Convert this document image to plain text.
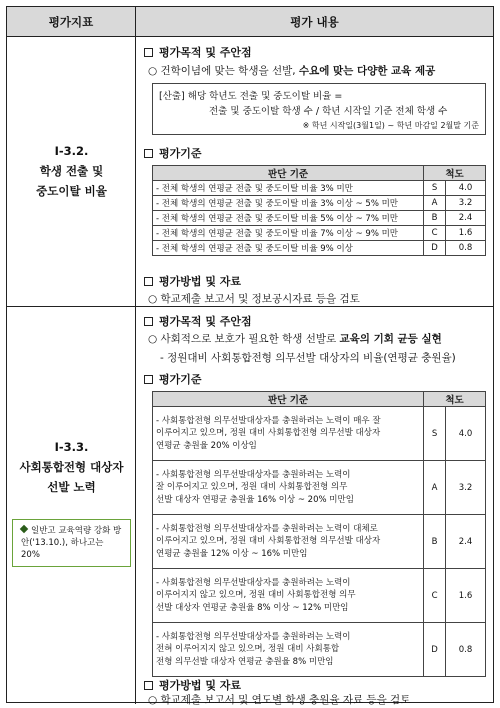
평가지표	평가 내용
Ⅰ-3.2.
학생 전출 및
중도이탈 비율
평가목적 및 주안점
○ 건학이념에 맞는 학생을 선발, 수요에 맞는 다양한 교육 제공
[산출] 해당 학년도 전출 및 중도이탈 비율 =
전출 및 중도이탈 학생 수 / 학년 시작일 기준 전체 학생 수
※ 학년 시작일(3월1일) ~ 학년 마감일 2월말 기준
평가기준
판단 기준	척도	
- 전체 학생의 연평균 전출 및 중도이탈 비율 3% 미만	S	4.0
- 전체 학생의 연평균 전출 및 중도이탈 비율 3% 이상 ~ 5% 미만	A	3.2
- 전체 학생의 연평균 전출 및 중도이탈 비율 5% 이상 ~ 7% 미만	B	2.4
- 전체 학생의 연평균 전출 및 중도이탈 비율 7% 이상 ~ 9% 미만	C	1.6
- 전체 학생의 연평균 전출 및 중도이탈 비율 9% 이상	D	0.8
평가방법 및 자료
○ 학교제출 보고서 및 정보공시자료 등을 검토
Ⅰ-3.3.
사회통합전형 대상자
선발 노력
일반고 교육역량 강화 방안('13.10.), 하나고는 20%
평가목적 및 주안점
○ 사회적으로 보호가 필요한 학생 선발로 교육의 기회 균등 실현
- 정원대비 사회통합전형 의무선발 대상자의 비율(연평균 충원율)
평가기준
판단 기준	척도	

- 사회통합전형 의무선발대상자를 충원하려는 노력이 매우 잘
이루어지고 있으며, 정원 대비 사회통합전형 의무선발 대상자
연평균 충원율 20% 이상임	S	4.0

- 사회통합전형 의무선발대상자를 충원하려는 노력이
잘 이루어지고 있으며, 정원 대비 사회통합전형 의무
선발 대상자 연평균 충원율 16% 이상 ~ 20% 미만임	A	3.2

- 사회통합전형 의무선발대상자를 충원하려는 노력이 대체로
이루어지고 있으며, 정원 대비 사회통합전형 의무선발 대상자
연평균 충원율 12% 이상 ~ 16% 미만임	B	2.4

- 사회통합전형 의무선발대상자를 충원하려는 노력이
이루어지지 않고 있으며, 정원 대비 사회통합전형 의무
선발 대상자 연평균 충원율 8% 이상 ~ 12% 미만임	C	1.6

- 사회통합전형 의무선발대상자를 충원하려는 노력이
전혀 이루어지지 않고 있으며, 정원 대비 사회통합
전형 의무선발 대상자 연평균 충원율 8% 미만임	D	0.8
평가방법 및 자료
○ 학교제출 보고서 및 연도별 학생 충원율 자료 등을 검토
